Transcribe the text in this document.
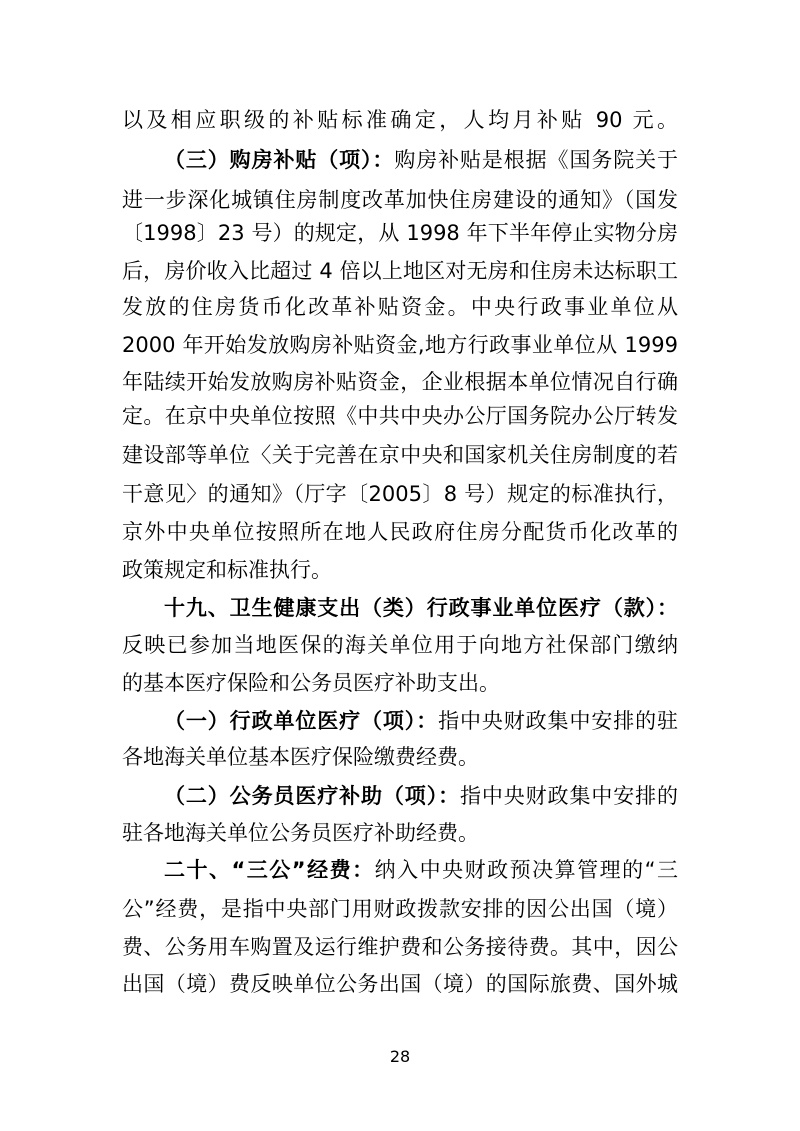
以及相应职级的补贴标准确定，人均月补贴 90 元。
（三）购房补贴（项）：购房补贴是根据《国务院关于
进一步深化城镇住房制度改革加快住房建设的通知》（国发
〔1998〕23 号）的规定，从 1998 年下半年停止实物分房
后，房价收入比超过 4 倍以上地区对无房和住房未达标职工
发放的住房货币化改革补贴资金。中央行政事业单位从
2000 年开始发放购房补贴资金,地方行政事业单位从 1999
年陆续开始发放购房补贴资金，企业根据本单位情况自行确
定。在京中央单位按照《中共中央办公厅国务院办公厅转发
建设部等单位〈关于完善在京中央和国家机关住房制度的若
干意见〉的通知》（厅字〔2005〕8 号）规定的标准执行，
京外中央单位按照所在地人民政府住房分配货币化改革的
政策规定和标准执行。
十九、卫生健康支出（类）行政事业单位医疗（款）：
反映已参加当地医保的海关单位用于向地方社保部门缴纳
的基本医疗保险和公务员医疗补助支出。
（一）行政单位医疗（项）：指中央财政集中安排的驻
各地海关单位基本医疗保险缴费经费。
（二）公务员医疗补助（项）：指中央财政集中安排的
驻各地海关单位公务员医疗补助经费。
二十、“三公”经费：纳入中央财政预决算管理的“三
公”经费，是指中央部门用财政拨款安排的因公出国（境）
费、公务用车购置及运行维护费和公务接待费。其中，因公
出国（境）费反映单位公务出国（境）的国际旅费、国外城
28
